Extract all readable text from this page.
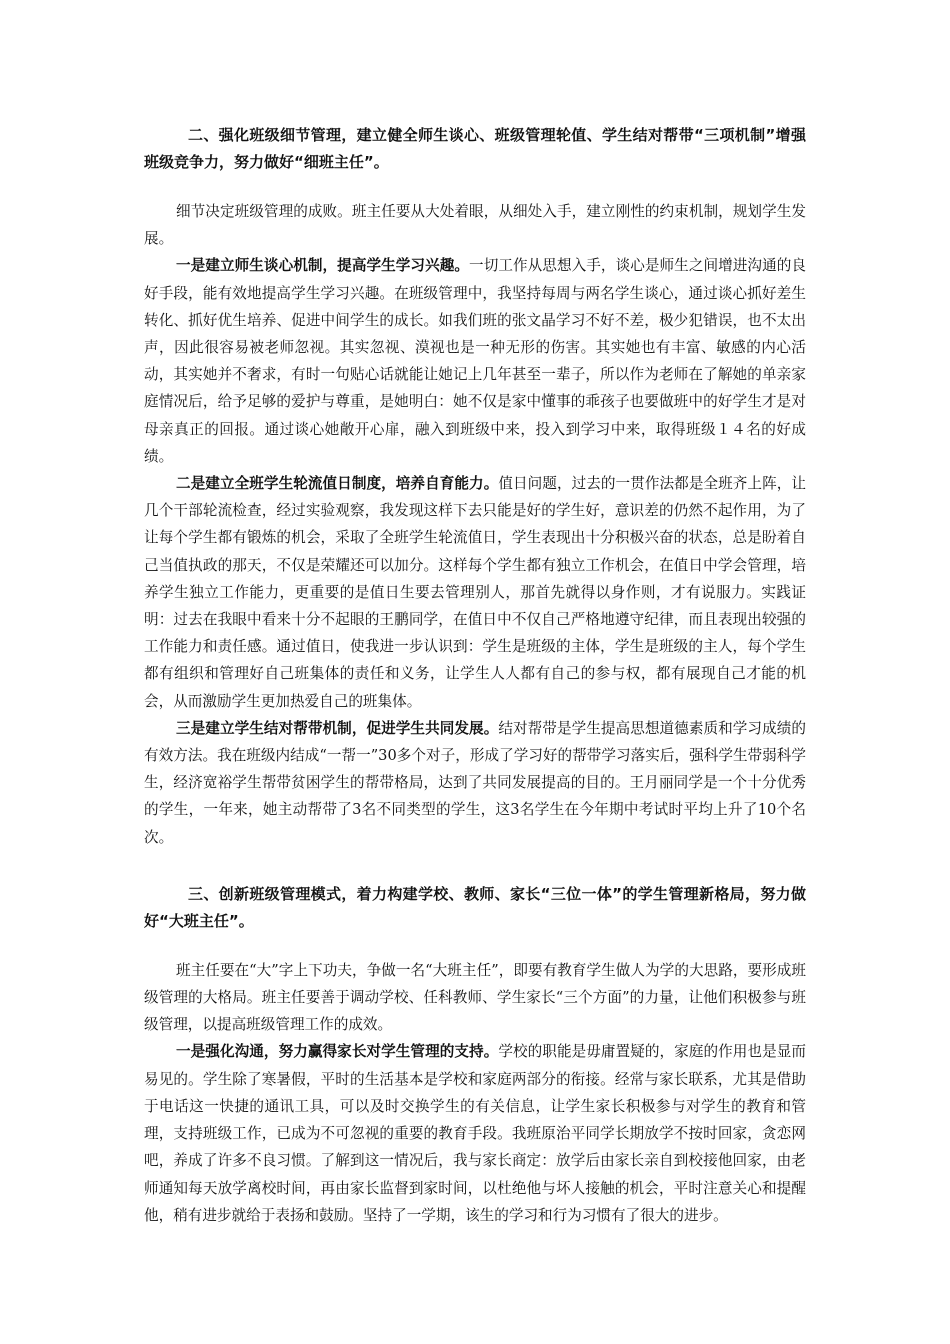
二、强化班级细节管理，建立健全师生谈心、班级管理轮值、学生结对帮带“三项机制”增强班级竞争力，努力做好“细班主任”。

细节决定班级管理的成败。班主任要从大处着眼，从细处入手，建立刚性的约束机制，规划学生发展。

一是建立师生谈心机制，提高学生学习兴趣。一切工作从思想入手，谈心是师生之间增进沟通的良好手段，能有效地提高学生学习兴趣。在班级管理中，我坚持每周与两名学生谈心，通过谈心抓好差生转化、抓好优生培养、促进中间学生的成长。如我们班的张文晶学习不好不差，极少犯错误，也不太出声，因此很容易被老师忽视。其实忽视、漠视也是一种无形的伤害。其实她也有丰富、敏感的内心活动，其实她并不奢求，有时一句贴心话就能让她记上几年甚至一辈子，所以作为老师在了解她的单亲家庭情况后，给予足够的爱护与尊重，是她明白：她不仅是家中懂事的乖孩子也要做班中的好学生才是对母亲真正的回报。通过谈心她敞开心扉，融入到班级中来，投入到学习中来，取得班级１４名的好成绩。

二是建立全班学生轮流值日制度，培养自育能力。值日问题，过去的一贯作法都是全班齐上阵，让几个干部轮流检查，经过实验观察，我发现这样下去只能是好的学生好，意识差的仍然不起作用，为了让每个学生都有锻炼的机会，采取了全班学生轮流值日，学生表现出十分积极兴奋的状态，总是盼着自己当值执政的那天，不仅是荣耀还可以加分。这样每个学生都有独立工作机会，在值日中学会管理，培养学生独立工作能力，更重要的是值日生要去管理别人，那首先就得以身作则，才有说服力。实践证明：过去在我眼中看来十分不起眼的王鹏同学，在值日中不仅自己严格地遵守纪律，而且表现出较强的工作能力和责任感。通过值日，使我进一步认识到：学生是班级的主体，学生是班级的主人，每个学生都有组织和管理好自己班集体的责任和义务，让学生人人都有自己的参与权，都有展现自己才能的机会，从而激励学生更加热爱自己的班集体。

三是建立学生结对帮带机制，促进学生共同发展。结对帮带是学生提高思想道德素质和学习成绩的有效方法。我在班级内结成“一帮一”30多个对子，形成了学习好的帮带学习落实后，强科学生带弱科学生，经济宽裕学生帮带贫困学生的帮带格局，达到了共同发展提高的目的。王月丽同学是一个十分优秀的学生，一年来，她主动帮带了3名不同类型的学生，这3名学生在今年期中考试时平均上升了10个名次。

三、创新班级管理模式，着力构建学校、教师、家长“三位一体”的学生管理新格局，努力做好“大班主任”。

班主任要在“大”字上下功夫，争做一名“大班主任”，即要有教育学生做人为学的大思路，要形成班级管理的大格局。班主任要善于调动学校、任科教师、学生家长“三个方面”的力量，让他们积极参与班级管理，以提高班级管理工作的成效。

一是强化沟通，努力赢得家长对学生管理的支持。学校的职能是毋庸置疑的，家庭的作用也是显而易见的。学生除了寒暑假，平时的生活基本是学校和家庭两部分的衔接。经常与家长联系，尤其是借助于电话这一快捷的通讯工具，可以及时交换学生的有关信息，让学生家长积极参与对学生的教育和管理，支持班级工作，已成为不可忽视的重要的教育手段。我班原治平同学长期放学不按时回家，贪恋网吧，养成了许多不良习惯。了解到这一情况后，我与家长商定：放学后由家长亲自到校接他回家，由老师通知每天放学离校时间，再由家长监督到家时间，以杜绝他与坏人接触的机会，平时注意关心和提醒他，稍有进步就给于表扬和鼓励。坚持了一学期，该生的学习和行为习惯有了很大的进步。
